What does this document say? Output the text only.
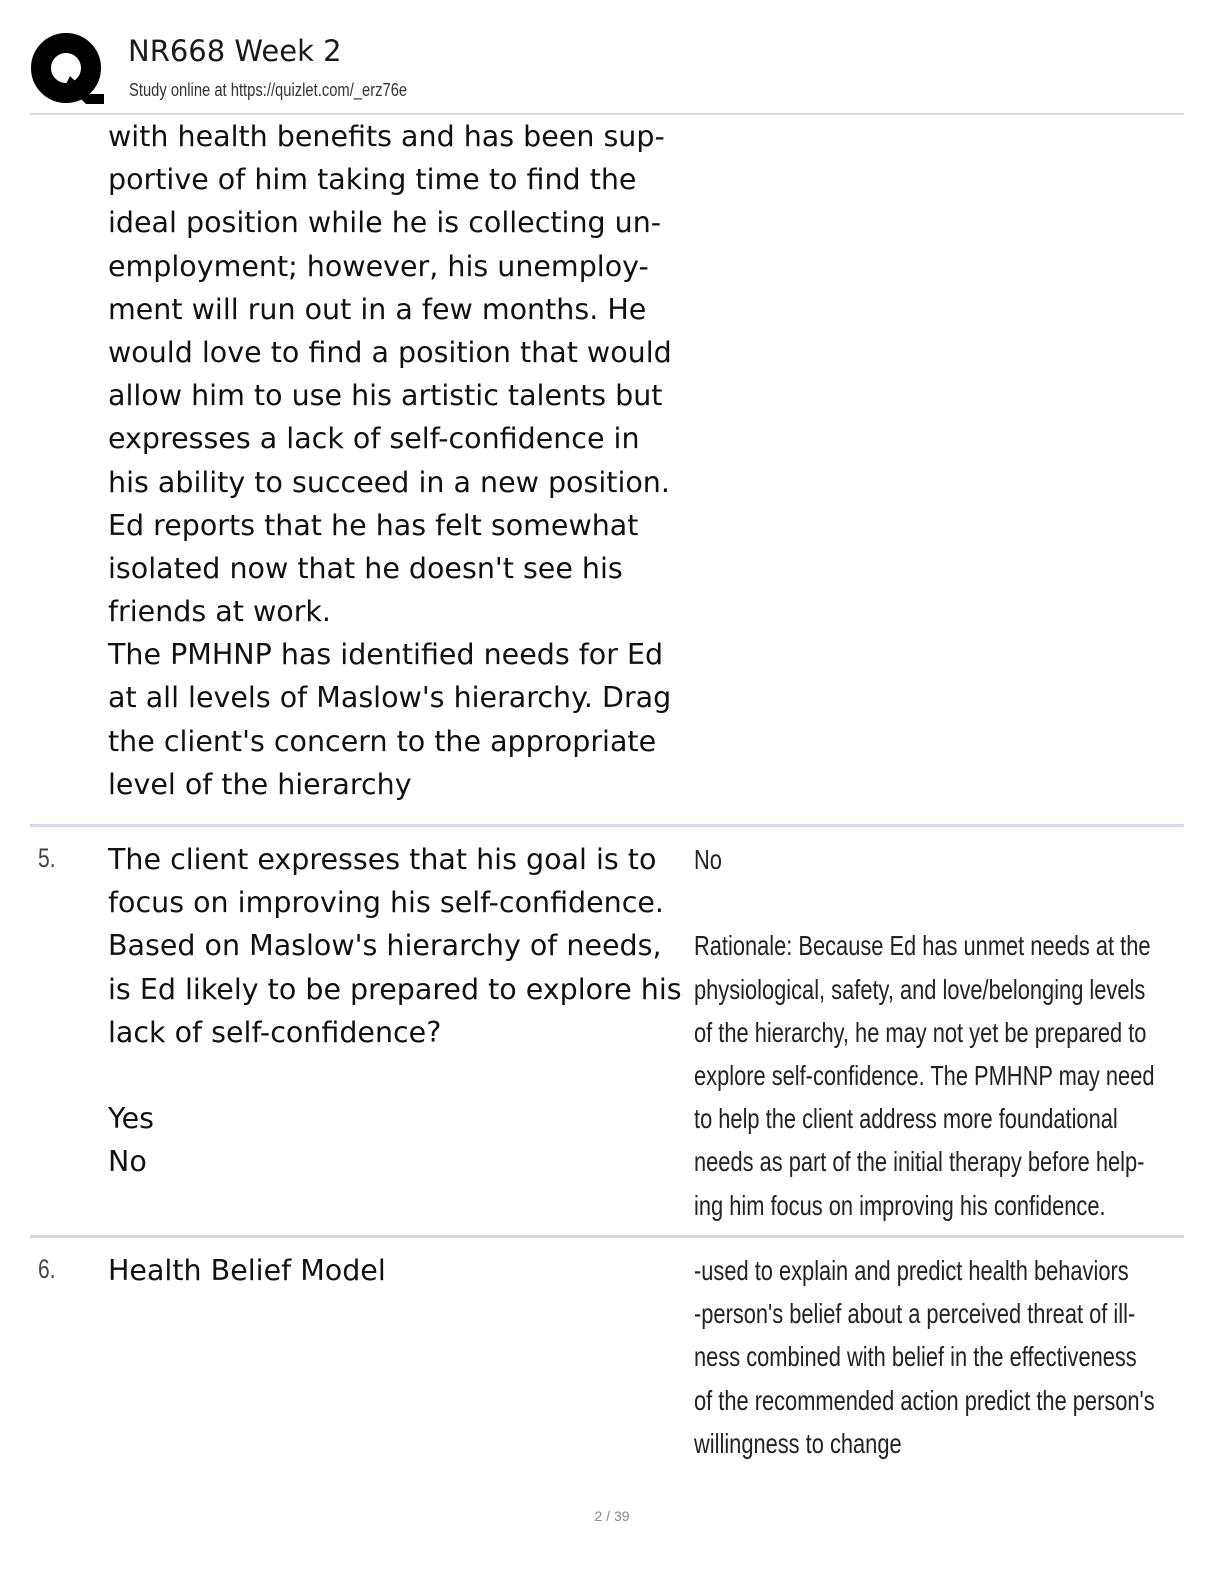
NR668 Week 2
Study online at https://quizlet.com/_erz76e
with health benefits and has been sup-
portive of him taking time to find the
ideal position while he is collecting un-
employment; however, his unemploy-
ment will run out in a few months. He
would love to find a position that would
allow him to use his artistic talents but
expresses a lack of self-confidence in
his ability to succeed in a new position.
Ed reports that he has felt somewhat
isolated now that he doesn't see his
friends at work.
The PMHNP has identified needs for Ed
at all levels of Maslow's hierarchy. Drag
the client's concern to the appropriate
level of the hierarchy
5. The client expresses that his goal is to
focus on improving his self-confidence.
Based on Maslow's hierarchy of needs,
is Ed likely to be prepared to explore his
lack of self-confidence?
Yes
No
No
Rationale: Because Ed has unmet needs at the
physiological, safety, and love/belonging levels
of the hierarchy, he may not yet be prepared to
explore self-confidence. The PMHNP may need
to help the client address more foundational
needs as part of the initial therapy before help-
ing him focus on improving his confidence.
6. Health Belief Model	-used to explain and predict health behaviors
-person's belief about a perceived threat of ill-
ness combined with belief in the effectiveness
of the recommended action predict the person's
willingness to change
2 / 39
